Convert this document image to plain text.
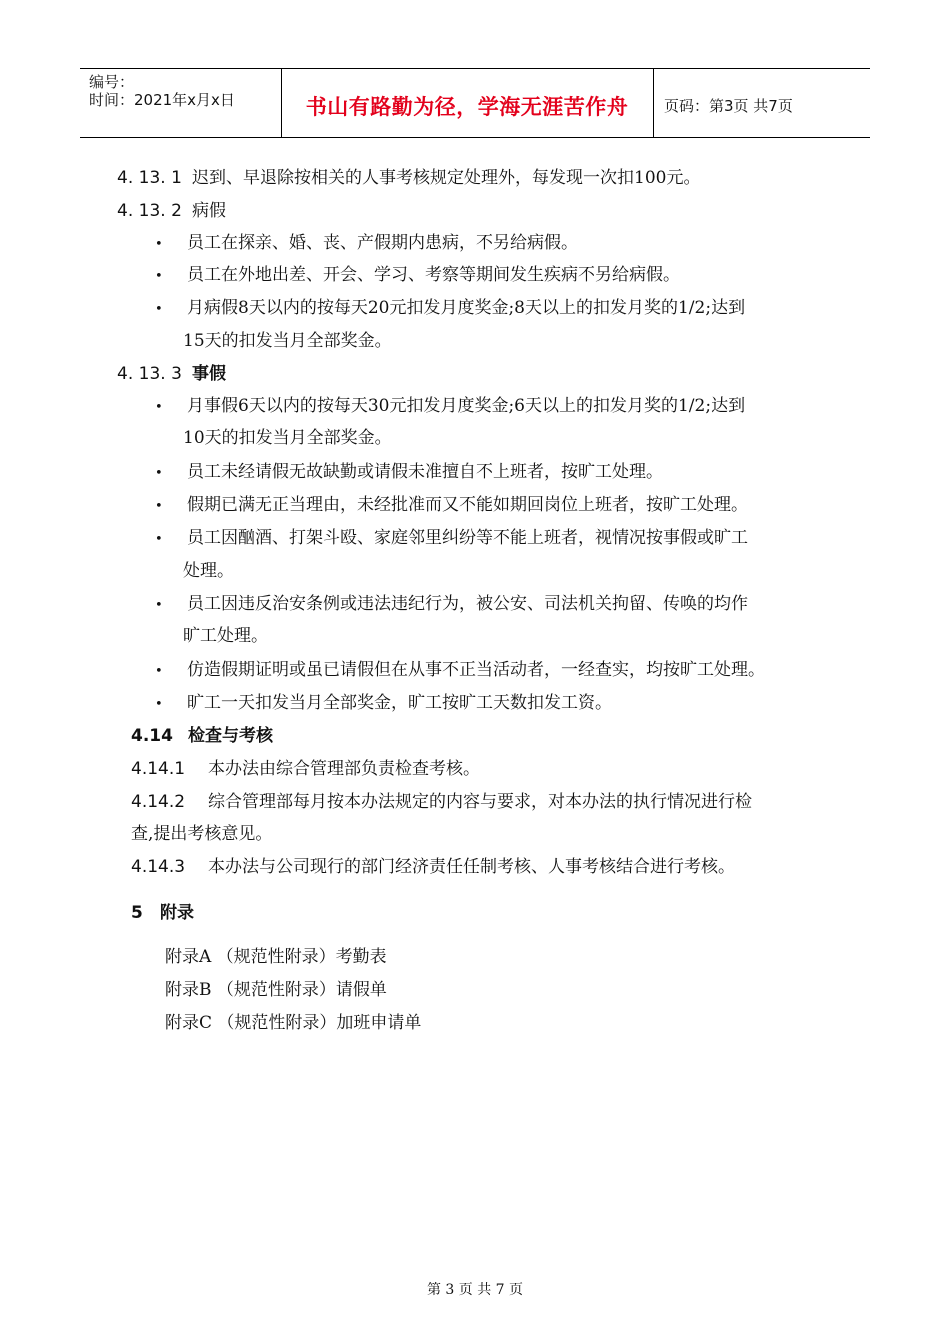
编号：
时间：2021年x月x日	书山有路勤为径，学海无涯苦作舟	页码：第3页 共7页
4. 13. 1 迟到、早退除按相关的人事考核规定处理外，每发现一次扣100元。
4. 13. 2 病假
• 员工在探亲、婚、丧、产假期内患病，不另给病假。
• 员工在外地出差、开会、学习、考察等期间发生疾病不另给病假。
• 月病假8天以内的按每天20元扣发月度奖金;8天以上的扣发月奖的1/2;达到
15天的扣发当月全部奖金。
4. 13. 3 事假
• 月事假6天以内的按每天30元扣发月度奖金;6天以上的扣发月奖的1/2;达到
10天的扣发当月全部奖金。
• 员工未经请假无故缺勤或请假未准擅自不上班者，按旷工处理。
• 假期已满无正当理由，未经批准而又不能如期回岗位上班者，按旷工处理。
• 员工因酗酒、打架斗殴、家庭邻里纠纷等不能上班者，视情况按事假或旷工
处理。
• 员工因违反治安条例或违法违纪行为，被公安、司法机关拘留、传唤的均作
旷工处理。
• 仿造假期证明或虽已请假但在从事不正当活动者，一经查实，均按旷工处理。
• 旷工一天扣发当月全部奖金，旷工按旷工天数扣发工资。
4.14 检查与考核
4.14.1 本办法由综合管理部负责检查考核。
4.14.2 综合管理部每月按本办法规定的内容与要求，对本办法的执行情况进行检
查,提出考核意见。
4.14.3 本办法与公司现行的部门经济责任任制考核、人事考核结合进行考核。
5 附录
附录A （规范性附录）考勤表
附录B （规范性附录）请假单
附录C （规范性附录）加班申请单
第 3 页 共 7 页
